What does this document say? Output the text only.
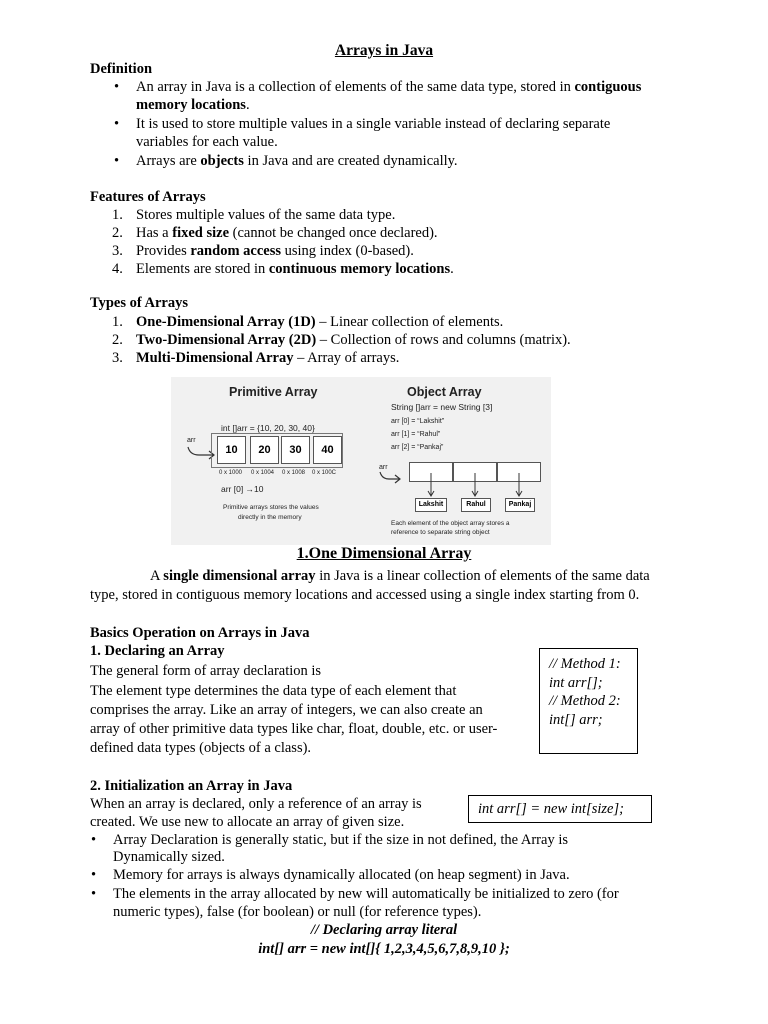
Arrays in Java
Definition
• An array in Java is a collection of elements of the same data type, stored in contiguous
memory locations.
• It is used to store multiple values in a single variable instead of declaring separate
variables for each value.
• Arrays are objects in Java and are created dynamically.
Features of Arrays
1. Stores multiple values of the same data type.
2. Has a fixed size (cannot be changed once declared).
3. Provides random access using index (0-based).
4. Elements are stored in continuous memory locations.
Types of Arrays
1. One-Dimensional Array (1D) – Linear collection of elements.
2. Two-Dimensional Array (2D) – Collection of rows and columns (matrix).
3. Multi-Dimensional Array – Array of arrays.
Primitive Array
int []arr = {10, 20, 30, 40}
arr
10	20	30	40
0 x 1000 0 x 1004 0 x 1008 0 x 100C
arr [0] →10
Primitive arrays stores the values
directly in the memory
Object Array
String []arr = new String [3]
arr [0] = “Lakshit”
arr [1] = “Rahul”
arr [2] = “Pankaj”
arr
Lakshit	Rahul	Pankaj
Each element of the object array stores a
reference to separate string object
1.One Dimensional Array
A single dimensional array in Java is a linear collection of elements of the same data
type, stored in contiguous memory locations and accessed using a single index starting from 0.
Basics Operation on Arrays in Java
1. Declaring an Array
The general form of array declaration is
The element type determines the data type of each element that
comprises the array. Like an array of integers, we can also create an
array of other primitive data types like char, float, double, etc. or user-
defined data types (objects of a class).
// Method 1:
int arr[];
// Method 2:
int[] arr;
2. Initialization an Array in Java
When an array is declared, only a reference of an array is
created. We use new to allocate an array of given size.
int arr[] = new int[size];
• Array Declaration is generally static, but if the size in not defined, the Array is
Dynamically sized.
• Memory for arrays is always dynamically allocated (on heap segment) in Java.
• The elements in the array allocated by new will automatically be initialized to zero (for
numeric types), false (for boolean) or null (for reference types).
// Declaring array literal
int[] arr = new int[]{ 1,2,3,4,5,6,7,8,9,10 };
